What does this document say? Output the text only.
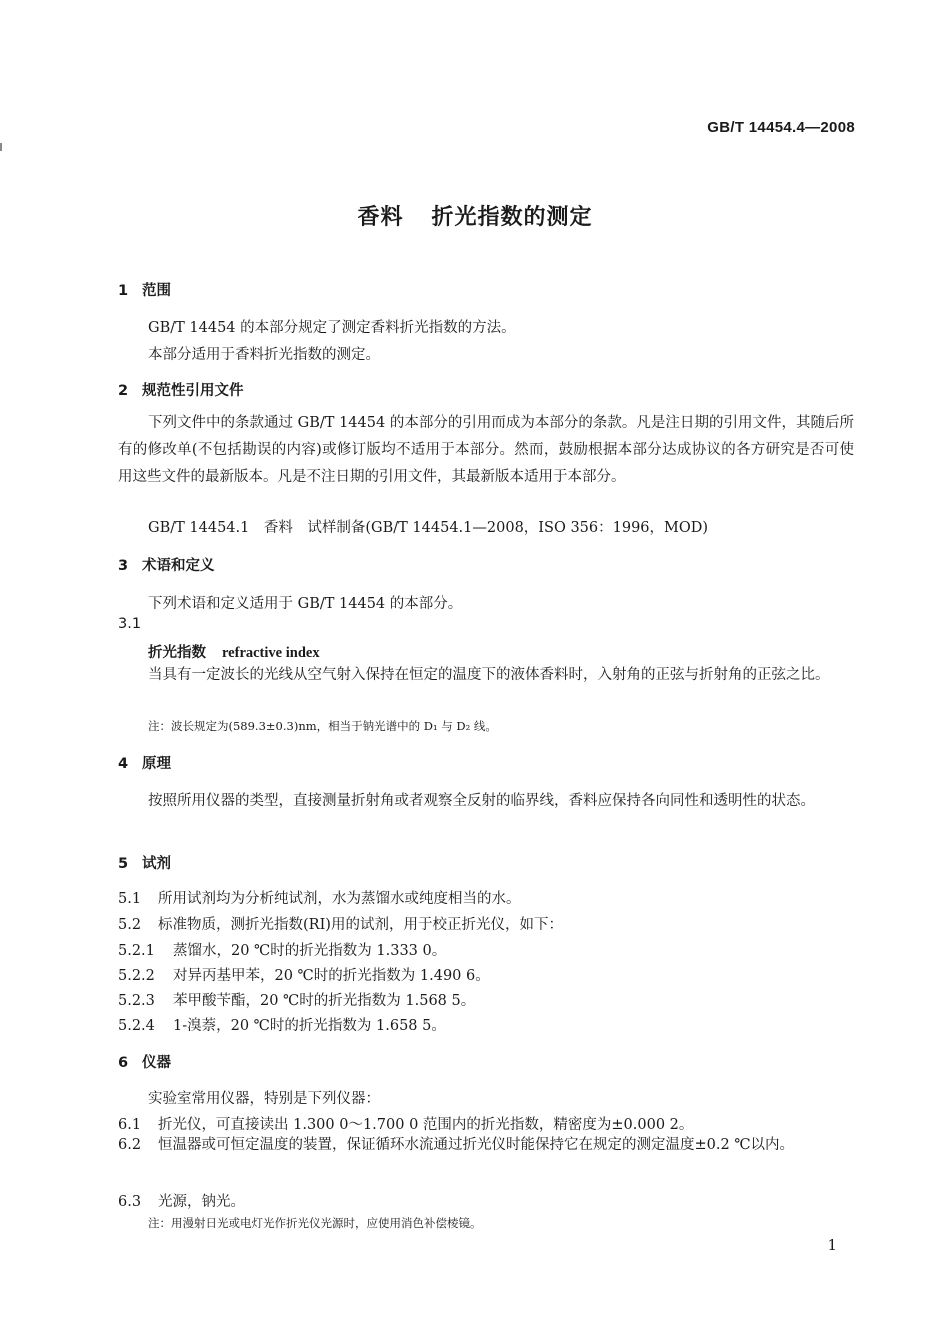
GB/T 14454.4—2008
香料 折光指数的测定
1 范围
GB/T 14454 的本部分规定了测定香料折光指数的方法。
本部分适用于香料折光指数的测定。
2 规范性引用文件

下列文件中的条款通过 GB/T 14454 的本部分的引用而成为本部分的条款。凡是注日期的引用文件，其随后所有的修改单(不包括勘误的内容)或修订版均不适用于本部分。然而，鼓励根据本部分达成协议的各方研究是否可使用这些文件的最新版本。凡是不注日期的引用文件，其最新版本适用于本部分。

GB/T 14454.1　香料　试样制备(GB/T 14454.1—2008，ISO 356：1996，MOD)
3 术语和定义
下列术语和定义适用于 GB/T 14454 的本部分。
3.1
折光指数 refractive index

当具有一定波长的光线从空气射入保持在恒定的温度下的液体香料时，入射角的正弦与折射角的正弦之比。

注：波长规定为(589.3±0.3)nm，相当于钠光谱中的 D₁ 与 D₂ 线。
4 原理

按照所用仪器的类型，直接测量折射角或者观察全反射的临界线，香料应保持各向同性和透明性的状态。

5 试剂
5.1 所用试剂均为分析纯试剂，水为蒸馏水或纯度相当的水。
5.2 标准物质，测折光指数(RI)用的试剂，用于校正折光仪，如下：
5.2.1 蒸馏水，20 ℃时的折光指数为 1.333 0。
5.2.2 对异丙基甲苯，20 ℃时的折光指数为 1.490 6。
5.2.3 苯甲酸苄酯，20 ℃时的折光指数为 1.568 5。
5.2.4 1-溴萘，20 ℃时的折光指数为 1.658 5。
6 仪器
实验室常用仪器，特别是下列仪器：
6.1 折光仪，可直接读出 1.300 0～1.700 0 范围内的折光指数，精密度为±0.000 2。

6.2 恒温器或可恒定温度的装置，保证循环水流通过折光仪时能保持它在规定的测定温度±0.2 ℃以内。

6.3 光源，钠光。
注：用漫射日光或电灯光作折光仪光源时，应使用消色补偿棱镜。
1
